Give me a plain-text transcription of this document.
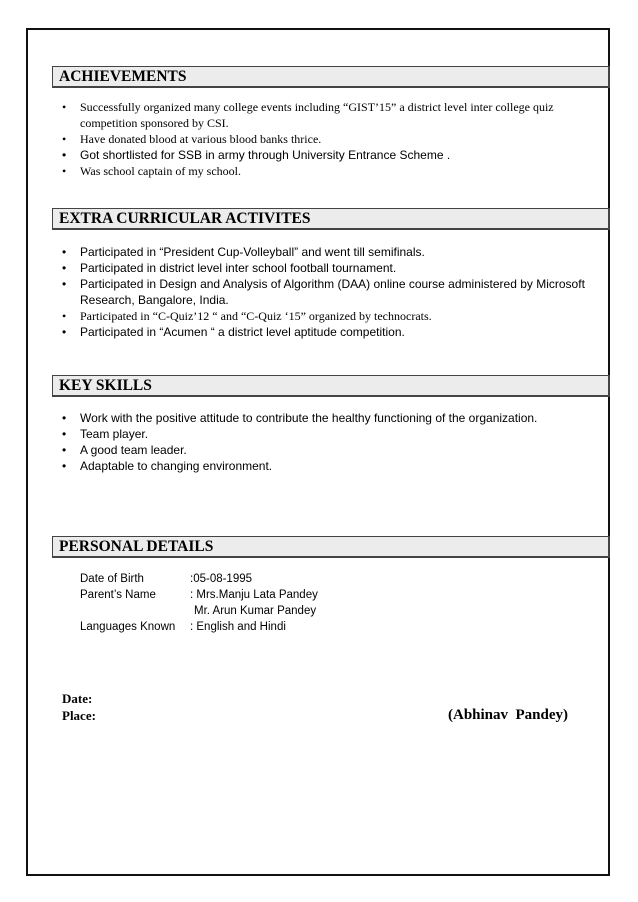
ACHIEVEMENTS
• Successfully organized many college events including “GIST’15” a district level inter college quiz competition sponsored by CSI.
• Have donated blood at various blood banks thrice.
• Got shortlisted for SSB in army through University Entrance Scheme .
• Was school captain of my school.
EXTRA CURRICULAR ACTIVITES
• Participated in “President Cup-Volleyball” and went till semifinals.
• Participated in district level inter school football tournament.
• Participated in Design and Analysis of Algorithm (DAA) online course administered by Microsoft Research, Bangalore, India.
• Participated in “C-Quiz’12 “ and “C-Quiz ‘15” organized by technocrats.
• Participated in “Acumen “ a district level aptitude competition.
KEY SKILLS
• Work with the positive attitude to contribute the healthy functioning of the organization.
• Team player.
• A good team leader.
• Adaptable to changing environment.
PERSONAL DETAILS
Date of Birth	:05-08-1995
Parent’s Name	: Mrs.Manju Lata Pandey
Mr. Arun Kumar Pandey
Languages Known	: English and Hindi
Date:
Place:	(Abhinav  Pandey)
